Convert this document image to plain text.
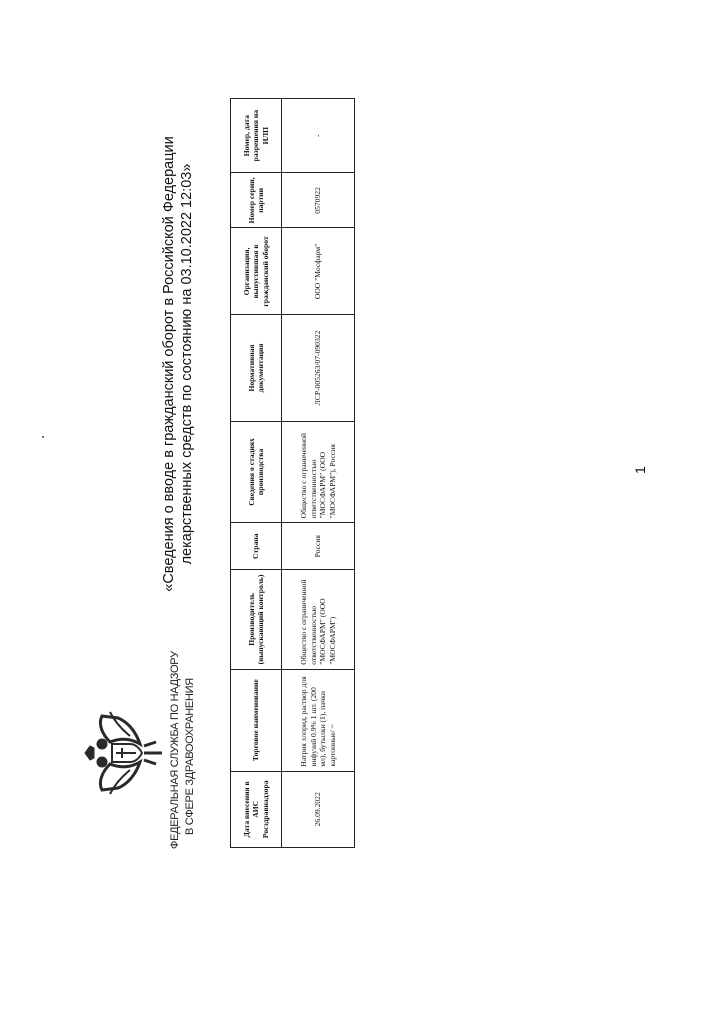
ФЕДЕРАЛЬНАЯ СЛУЖБА ПО НАДЗОРУ В СФЕРЕ ЗДРАВООХРАНЕНИЯ
«Сведения о вводе в гражданский оборот в Российской Федерации лекарственных средств по состоянию на 03.10.2022 12:03»
Дата внесения в АИС Росздравнадзора	Торговое наименование	Производитель (выпускающий контроль)	Страна	Сведения о стадиях производства	Нормативная документация	Организация, выпустившая в гражданский оборот	Номер серии, партии	Номер, дата разрешения на ИЛП
26.09.2022	Натрия хлорид, раствор для инфузий 0.9% 1 шт. (200 мл), бутылки (1), пачки картонные/ ~	Общество с ограниченной ответственностью "МОСФАРМ" (ООО "МОСФАРМ")	Россия	Общество с ограниченной ответственностью "МОСФАРМ" (ООО "МОСФАРМ"), Россия	ЛСР-005263/07-090322	ООО "Мосфарм"	0570922	-
1
